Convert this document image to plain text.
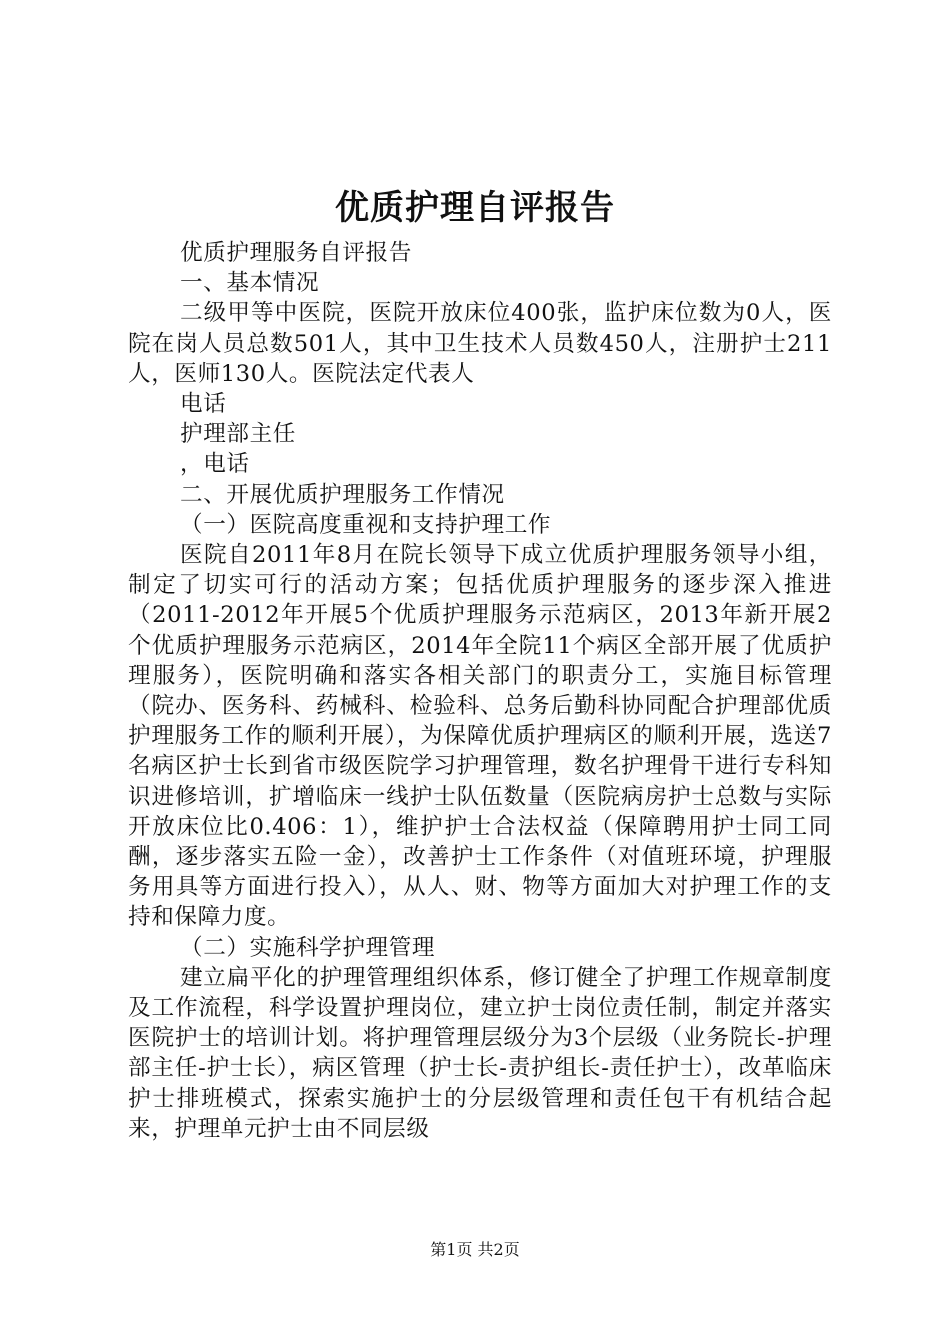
优质护理自评报告

优质护理服务自评报告

一、基本情况

二级甲等中医院，医院开放床位400张，监护床位数为0人，医院在岗人员总数501人，其中卫生技术人员数450人，注册护士211人，医师130人。医院法定代表人

电话

护理部主任

，电话

二、开展优质护理服务工作情况

（一）医院高度重视和支持护理工作

医院自2011年8月在院长领导下成立优质护理服务领导小组，制定了切实可行的活动方案；包括优质护理服务的逐步深入推进（2011-2012年开展5个优质护理服务示范病区，2013年新开展2个优质护理服务示范病区，2014年全院11个病区全部开展了优质护理服务），医院明确和落实各相关部门的职责分工，实施目标管理（院办、医务科、药械科、检验科、总务后勤科协同配合护理部优质护理服务工作的顺利开展），为保障优质护理病区的顺利开展，选送7名病区护士长到省市级医院学习护理管理，数名护理骨干进行专科知识进修培训，扩增临床一线护士队伍数量（医院病房护士总数与实际开放床位比0.406：1），维护护士合法权益（保障聘用护士同工同酬，逐步落实五险一金），改善护士工作条件（对值班环境，护理服务用具等方面进行投入），从人、财、物等方面加大对护理工作的支持和保障力度。

（二）实施科学护理管理

建立扁平化的护理管理组织体系，修订健全了护理工作规章制度及工作流程，科学设置护理岗位，建立护士岗位责任制，制定并落实医院护士的培训计划。将护理管理层级分为3个层级（业务院长-护理部主任-护士长），病区管理（护士长-责护组长-责任护士），改革临床护士排班模式，探索实施护士的分层级管理和责任包干有机结合起来，护理单元护士由不同层级

第1页 共2页
